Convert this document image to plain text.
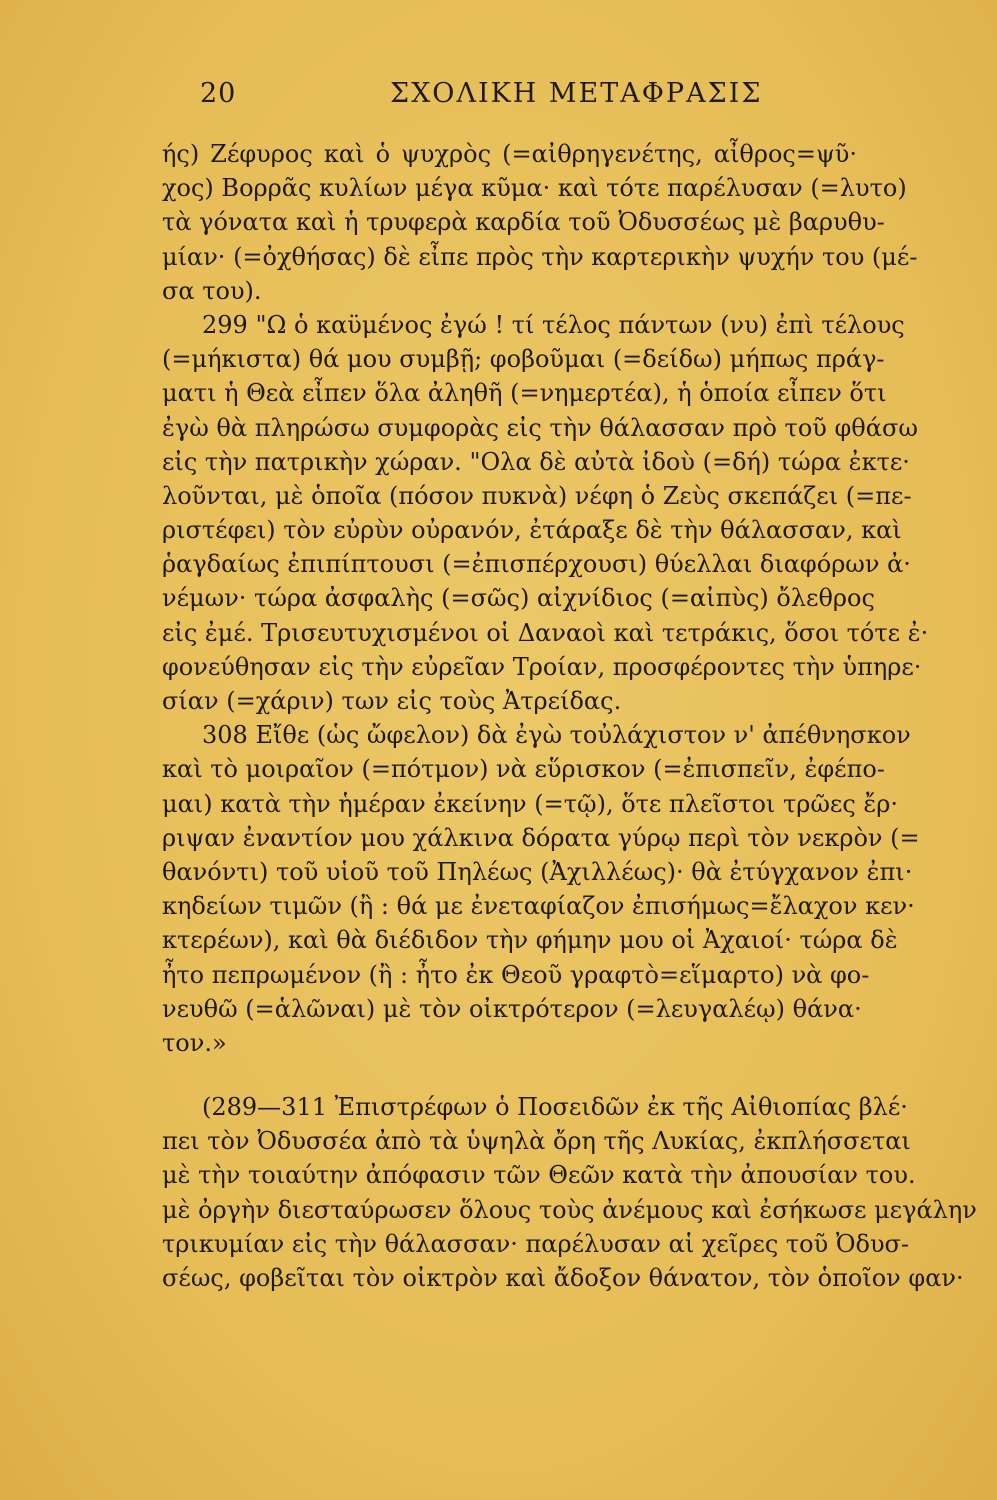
20	ΣΧΟΛΙΚΗ ΜΕΤΑΦΡΑΣΙΣ
ής) Ζέφυρος καὶ ὁ ψυχρὸς (=αἰθρηγενέτης, αἶθρος=ψῦ·
χος) Βορρᾶς κυλίων μέγα κῦμα· καὶ τότε παρέλυσαν (=λυτο)
τὰ γόνατα καὶ ἡ τρυφερὰ καρδία τοῦ Ὀδυσσέως μὲ βαρυθυ-
μίαν· (=ὀχθήσας) δὲ εἶπε πρὸς τὴν καρτερικὴν ψυχήν του (μέ-
σα του).
299 "Ω ὁ καϋμένος ἐγώ ! τί τέλος πάντων (νυ) ἐπὶ τέλους
(=μήκιστα) θά μου συμβῇ; φοβοῦμαι (=δείδω) μήπως πράγ-
ματι ἡ Θεὰ εἶπεν ὅλα ἀληθῆ (=νημερτέα), ἡ ὁποία εἶπεν ὅτι
ἐγὼ θὰ πληρώσω συμφορὰς εἰς τὴν θάλασσαν πρὸ τοῦ φθάσω
εἰς τὴν πατρικὴν χώραν. "Ολα δὲ αὐτὰ ἰδοὺ (=δή) τώρα ἐκτε·
λοῦνται, μὲ ὁποῖα (πόσον πυκνὰ) νέφη ὁ Ζεὺς σκεπάζει (=πε-
ριστέφει) τὸν εὐρὺν οὐρανόν, ἐτάραξε δὲ τὴν θάλασσαν, καὶ
ῥαγδαίως ἐπιπίπτουσι (=ἐπισπέρχουσι) θύελλαι διαφόρων ἀ·
νέμων· τώρα ἀσφαλὴς (=σῶς) αἰχνίδιος (=αἰπὺς) ὄλεθρος
εἰς ἐμέ. Τρισευτυχισμένοι οἱ Δαναοὶ καὶ τετράκις, ὅσοι τότε ἐ·
φονεύθησαν εἰς τὴν εὐρεῖαν Τροίαν, προσφέροντες τὴν ὑπηρε·
σίαν (=χάριν) των εἰς τοὺς Ἀτρείδας.
308 Εἴθε (ὡς ὤφελον) δὰ ἐγὼ τοὐλάχιστον ν' ἀπέθνησκον
καὶ τὸ μοιραῖον (=πότμον) νὰ εὕρισκον (=ἐπισπεῖν, ἐφέπο-
μαι) κατὰ τὴν ἡμέραν ἐκείνην (=τῷ), ὅτε πλεῖστοι τρῶες ἔρ·
ριψαν ἐναντίον μου χάλκινα δόρατα γύρῳ περὶ τὸν νεκρὸν (=
θανόντι) τοῦ υἱοῦ τοῦ Πηλέως (Ἀχιλλέως)· θὰ ἐτύγχανον ἐπι·
κηδείων τιμῶν (ἢ : θά με ἐνεταφίαζον ἐπισήμως=ἔλαχον κεν·
κτερέων), καὶ θὰ διέδιδον τὴν φήμην μου οἱ Ἀχαιοί· τώρα δὲ
ἦτο πεπρωμένον (ἢ : ἦτο ἐκ Θεοῦ γραφτὸ=εἵμαρτο) νὰ φο-
νευθῶ (=ἁλῶναι) μὲ τὸν οἰκτρότερον (=λευγαλέῳ) θάνα·
τον.»
(289—311 Ἐπιστρέφων ὁ Ποσειδῶν ἐκ τῆς Αἰθιοπίας βλέ·
πει τὸν Ὀδυσσέα ἀπὸ τὰ ὑψηλὰ ὄρη τῆς Λυκίας, ἐκπλήσσεται
μὲ τὴν τοιαύτην ἀπόφασιν τῶν Θεῶν κατὰ τὴν ἀπουσίαν του.
μὲ ὀργὴν διεσταύρωσεν ὅλους τοὺς ἀνέμους καὶ ἐσήκωσε μεγάλην
τρικυμίαν εἰς τὴν θάλασσαν· παρέλυσαν αἱ χεῖρες τοῦ Ὀδυσ-
σέως, φοβεῖται τὸν οἰκτρὸν καὶ ἄδοξον θάνατον, τὸν ὁποῖον φαν·
